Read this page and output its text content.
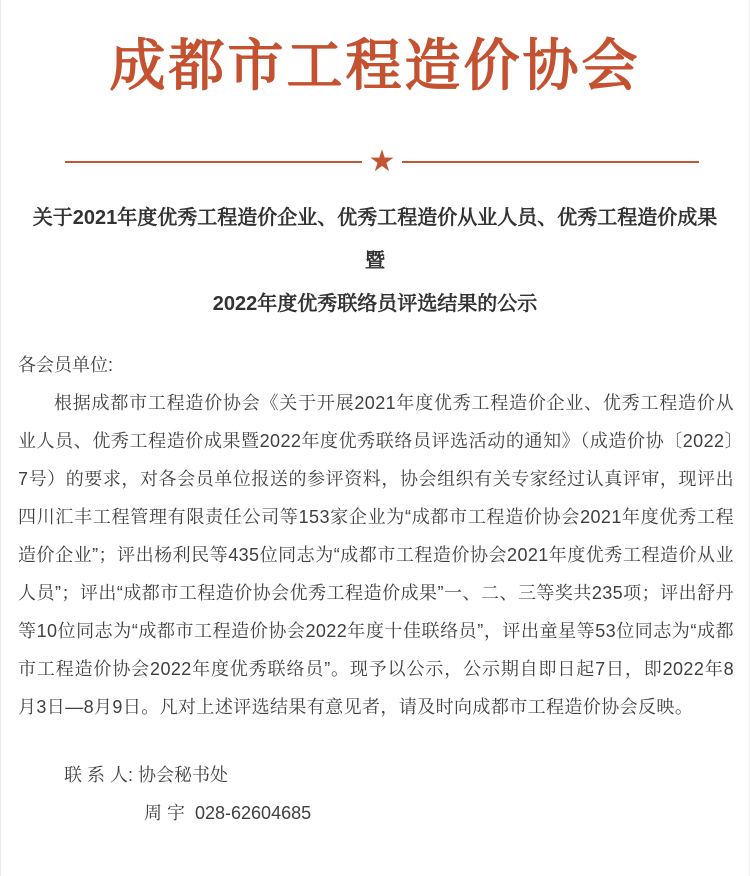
成都市工程造价协会
★
关于2021年度优秀工程造价企业、优秀工程造价从业人员、优秀工程造价成果暨
2022年度优秀联络员评选结果的公示

各会员单位:

根据成都市工程造价协会《关于开展2021年度优秀工程造价企业、优秀工程造价从业人员、优秀工程造价成果暨2022年度优秀联络员评选活动的通知》（成造价协〔2022〕7号）的要求，对各会员单位报送的参评资料，协会组织有关专家经过认真评审，现评出四川汇丰工程管理有限责任公司等153家企业为“成都市工程造价协会2021年度优秀工程造价企业”；评出杨利民等435位同志为“成都市工程造价协会2021年度优秀工程造价从业人员”；评出“成都市工程造价协会优秀工程造价成果”一、二、三等奖共235项；评出舒丹等10位同志为“成都市工程造价协会2022年度十佳联络员”，评出童星等53位同志为“成都市工程造价协会2022年度优秀联络员”。现予以公示，公示期自即日起7日，即2022年8月3日—8月9日。凡对上述评选结果有意见者，请及时向成都市工程造价协会反映。

联 系 人: 协会秘书处

周 宇  028-62604685
